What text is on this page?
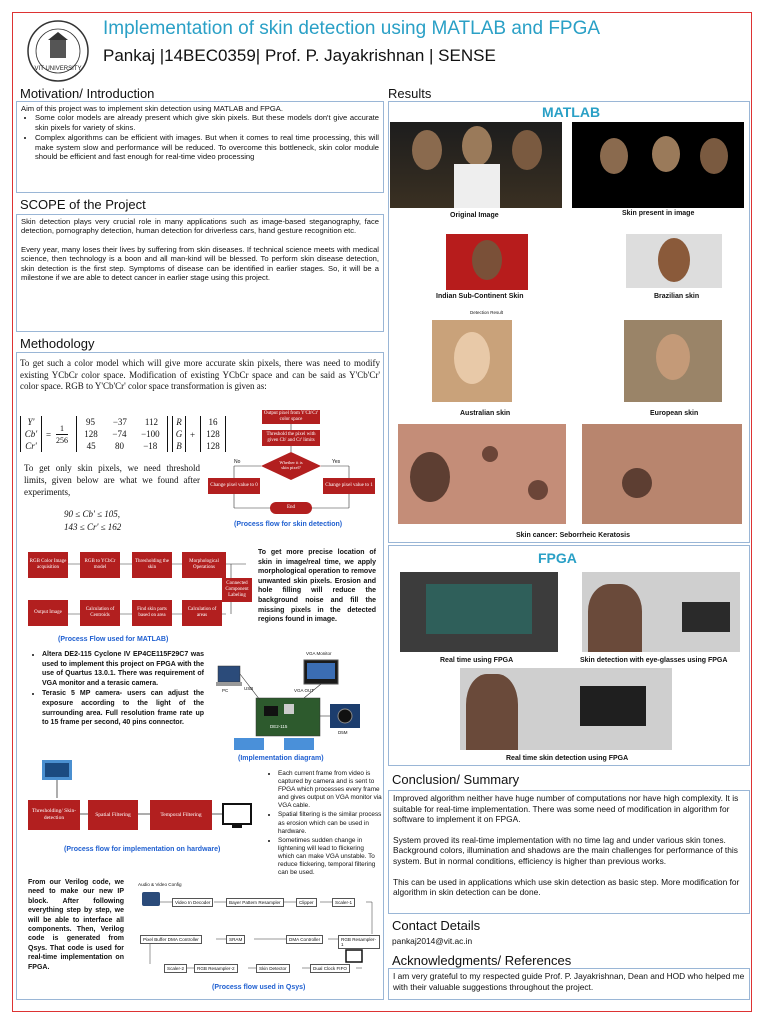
VIT UNIVERSITY
Implementation of skin detection using MATLAB and FPGA
Pankaj |14BEC0359| Prof. P. Jayakrishnan | SENSE
Motivation/ Introduction
Aim of this project was to implement skin detection using MATLAB and FPGA.
• Some color models are already present which give skin pixels. But these models don't give accurate skin pixels for variety of skins.
• Complex algorithms can be efficient with images. But when it comes to real time processing, this will make system slow and performance will be reduced. To overcome this bottleneck, skin color module should be efficient and fast enough for real-time video processing
SCOPE of the Project
Skin detection plays very crucial role in many applications such as image-based steganography, face detection, pornography detection, human detection for driverless cars, hand gesture recognition etc.
Every year, many loses their lives by suffering from skin diseases. If technical science meets with medical science, then technology is a boon and all man-kind will be blessed. To perform skin disease detection, skin detection is the first step. Symptoms of disease can be identified in earlier stages. So, it will be a milestone if we are able to detect cancer in earlier stage using this project.
Methodology
To get such a color model which will give more accurate skin pixels, there was need to modify existing YCbCr color space. Modification of existing YCbCr space and can be said as Y'Cb'Cr' color space. RGB to Y'Cb'Cr' color space transformation is given as:
Y'
Cb'
Cr'
=
1
256
95 −37 112
128 −74 −100
45 80 −18
R
G
B
+
16
128
128
To get only skin pixels, we need threshold limits, given below are what we found after experiments,
90 ≤ Cb' ≤ 105,
143 ≤ Cr' ≤ 162
Output pixel from Y'Cb'Cr' color space
Threshold the pixel with given Cb' and Cr' limits
Whether it is skin pixel?
No	Yes
Change pixel value to 0	Change pixel value to 1
End
(Process flow for skin detection)
RGB Color Image acquisition
RGB to YCbCr model
Thresholding the skin
Morphological Operations
Connected Component Labeling
Output Image
Calculation of Centroids
Find skin parts based on area
Calculation of areas
(Process Flow used for MATLAB)
To get more precise location of skin in image/real time, we apply morphological operation to remove unwanted skin pixels. Erosion and hole filling will reduce the background noise and fill the missing pixels in the detected regions found in image.
• Altera DE2-115 Cyclone IV EP4CE115F29C7 was used to implement this project on FPGA with the use of Quartus 13.0.1. There was requirement of VGA monitor and a terasic camera.
• Terasic 5 MP camera- users can adjust the exposure according to the light of the surrounding area. Full resolution frame rate up to 15 frame per second, 40 pins connector.
VGA Monitor
VGA OUT
DE2-115
D5M
USB
PC
(Implementation diagram)
Thresholding/ Skin-detection
Spatial Filtering	Temporal Filtering
(Process flow for implementation on hardware)
• Each current frame from video is captured by camera and is sent to FPGA which processes every frame and gives output on VGA monitor via VGA cable.
• Spatial filtering is the similar process as erosion which can be used in hardware.
• Sometimes sudden change in lightening will lead to flickering which can make VGA unstable. To reduce flickering, temporal filtering can be used.
From our Verilog code, we need to make our new IP block. After following everything step by step, we will be able to interface all components. Then, Verilog code is generated from Qsys. That code is used for real-time implementation on FPGA.
Audio & Video Config
Video In Decoder	Bayer Pattern Resampler	Clipper	Scaler-1
Pixel Buffer DMA Controller	SRAM	DMA Controller	RGB Resampler-1
Scaler-2	RGB Resampler-2	Skin Detector	Dual Clock FIFO
(Process flow used in Qsys)
Results
MATLAB
Original Image	Skin present in image
Indian Sub-Continent Skin	Brazilian skin
Detection Result
Australian skin	European skin
Skin cancer: Seborrheic Keratosis
FPGA
Real time using FPGA	Skin detection with eye-glasses using FPGA
Real time skin detection using FPGA
Conclusion/ Summary
Improved algorithm neither have huge number of computations nor have high complexity. It is suitable for real-time implementation. There was some need of modification in algorithm for software to implement it on FPGA.
System proved its real-time implementation with no time lag and under various skin tones. Background colors, illumination and shadows are the main challenges for performance of this system. But in normal conditions, efficiency is higher than previous works.
This can be used in applications which use skin detection as basic step. More modification for algorithm in skin detection can be done.
Contact Details
pankaj2014@vit.ac.in
Acknowledgments/ References
I am very grateful to my respected guide Prof. P. Jayakrishnan, Dean and HOD who helped me with their valuable suggestions throughout the project.
